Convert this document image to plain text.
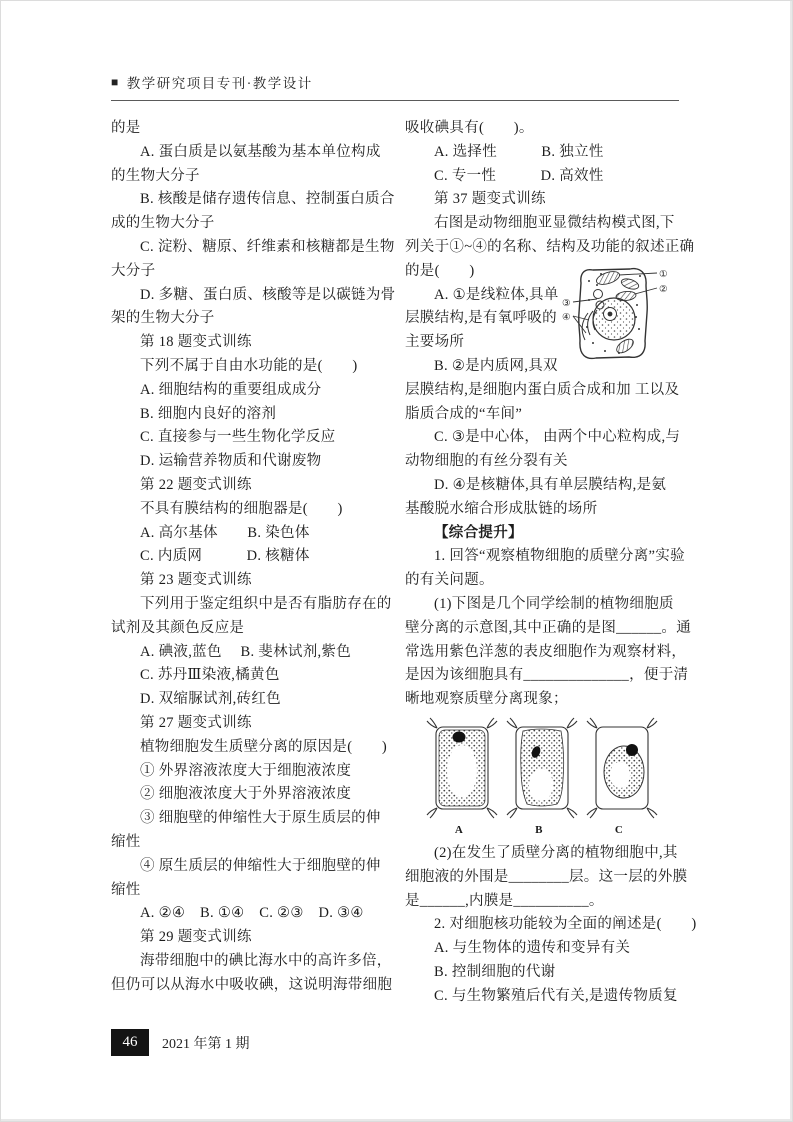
■ 教学研究项目专刊·教学设计
的是
A. 蛋白质是以氨基酸为基本单位构成
的生物大分子
B. 核酸是储存遗传信息、控制蛋白质合
成的生物大分子
C. 淀粉、糖原、纤维素和核糖都是生物
大分子
D. 多糖、蛋白质、核酸等是以碳链为骨
架的生物大分子
第 18 题变式训练
下列不属于自由水功能的是(　　)
A. 细胞结构的重要组成成分
B. 细胞内良好的溶剂
C. 直接参与一些生物化学反应
D. 运输营养物质和代谢废物
第 22 题变式训练
不具有膜结构的细胞器是(　　)
A. 高尔基体　　B. 染色体
C. 内质网　　　D. 核糖体
第 23 题变式训练
下列用于鉴定组织中是否有脂肪存在的
试剂及其颜色反应是
A. 碘液,蓝色　 B. 斐林试剂,紫色
C. 苏丹Ⅲ染液,橘黄色
D. 双缩脲试剂,砖红色
第 27 题变式训练
植物细胞发生质壁分离的原因是(　　)
① 外界溶液浓度大于细胞液浓度
② 细胞液浓度大于外界溶液浓度
③ 细胞壁的伸缩性大于原生质层的伸
缩性
④ 原生质层的伸缩性大于细胞壁的伸
缩性
A. ②④　B. ①④　C. ②③　D. ③④
第 29 题变式训练
海带细胞中的碘比海水中的高许多倍，
但仍可以从海水中吸收碘，这说明海带细胞
①
②
③
④
吸收碘具有(　　)。
A. 选择性　　　B. 独立性
C. 专一性　　　D. 高效性
第 37 题变式训练
右图是动物细胞亚显微结构模式图,下
列关于①~④的名称、结构及功能的叙述正确
的是(　　)
A. ①是线粒体,具单
层膜结构,是有氧呼吸的
主要场所
B. ②是内质网,具双
层膜结构,是细胞内蛋白质合成和加 工以及
脂质合成的“车间”
C. ③是中心体， 由两个中心粒构成,与
动物细胞的有丝分裂有关
D. ④是核糖体,具有单层膜结构,是氨
基酸脱水缩合形成肽链的场所
【综合提升】
1. 回答“观察植物细胞的质壁分离”实验
的有关问题。
(1)下图是几个同学绘制的植物细胞质
壁分离的示意图,其中正确的是图______。通
常选用紫色洋葱的表皮细胞作为观察材料，
是因为该细胞具有______________，便于清
晰地观察质壁分离现象；
A	B	C
(2)在发生了质壁分离的植物细胞中,其
细胞液的外围是________层。这一层的外膜
是______,内膜是__________。
2. 对细胞核功能较为全面的阐述是(　　)
A. 与生物体的遗传和变异有关
B. 控制细胞的代谢
C. 与生物繁殖后代有关,是遗传物质复
46	2021 年第 1 期
